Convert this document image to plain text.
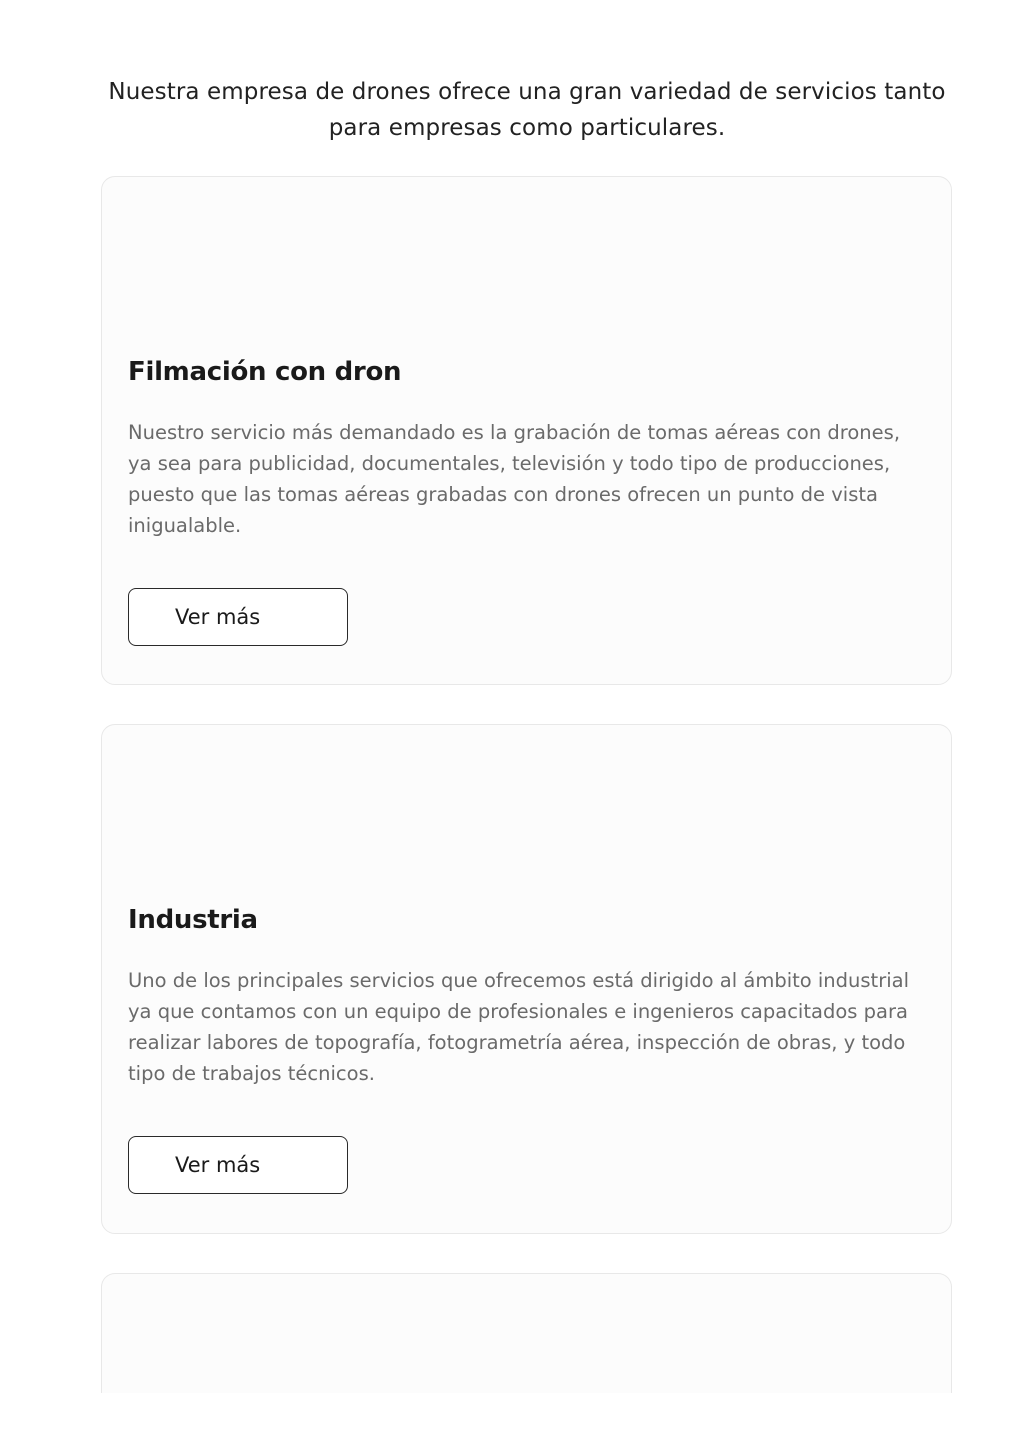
Nuestra empresa de drones ofrece una gran variedad de servicios tanto para empresas como particulares.

Filmación con dron

Nuestro servicio más demandado es la grabación de tomas aéreas con drones, ya sea para publicidad, documentales, televisión y todo tipo de producciones, puesto que las tomas aéreas grabadas con drones ofrecen un punto de vista inigualable.

Ver más
Industria

Uno de los principales servicios que ofrecemos está dirigido al ámbito industrial ya que contamos con un equipo de profesionales e ingenieros capacitados para realizar labores de topografía, fotogrametría aérea, inspección de obras, y todo tipo de trabajos técnicos.

Ver más
